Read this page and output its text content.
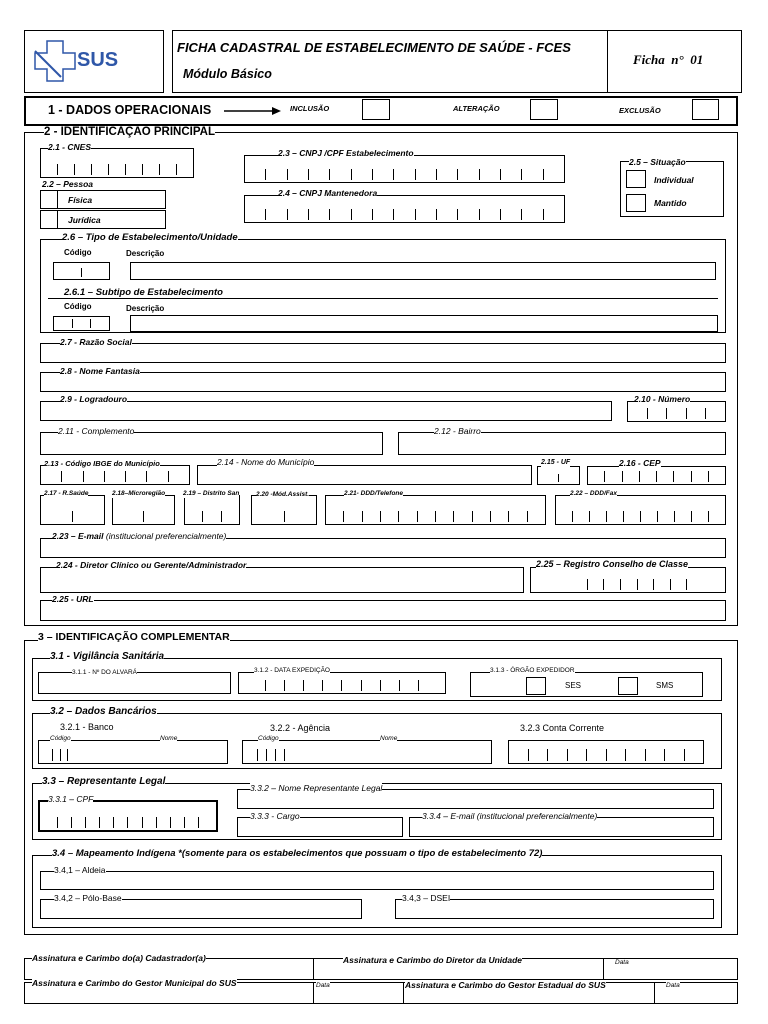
SUS
FICHA CADASTRAL DE ESTABELECIMENTO DE SAÚDE - FCES
Módulo Básico
Ficha  n°  01
1 - DADOS OPERACIONAIS	INCLUSÃO	ALTERAÇÃO	EXCLUSÃO
2 - IDENTIFICAÇÃO PRINCIPAL
2.1 - CNES
2.2 – Pessoa
Física
Jurídica
2.3 – CNPJ /CPF Estabelecimento
2.4 – CNPJ Mantenedora
2.5 – Situação
Individual
Mantido
2.6 – Tipo de Estabelecimento/Unidade
Código	Descrição
2.6.1 – Subtipo de Estabelecimento
Código	Descrição
2.7 - Razão Social
2.8 - Nome Fantasia
2.9 - Logradouro	2.10 - Número
2.11 - Complemento	2.12 - Bairro
2.13 - Código IBGE do Município	2.14 - Nome do Município	2.15 - UF	2.16 - CEP
2.17 - R.Saúde	2.18–Microregião	2.19 – Distrito San	2.20 -Mód.Assist.	2.21- DDD/Telefone	2.22 – DDD/Fax
2.23 – E-mail (institucional preferencialmente)
2.24 - Diretor Clínico ou Gerente/Administrador	2.25 – Registro Conselho de Classe
2.25 - URL
3 – IDENTIFICAÇÃO COMPLEMENTAR
3.1 - Vigilância Sanitária
3.1.1 - Nº DO ALVARÁ	3.1.2 - DATA EXPEDIÇÃO	3.1.3 - ÓRGÃO EXPEDIDOR
SES	SMS
3.2 – Dados Bancários
3.2.1 - Banco	3.2.2 - Agência	3.2.3 Conta Corrente
Código	Nome	Código	Nome
3.3 – Representante Legal
3.3.1 – CPF
3.3.2 – Nome Representante Legal
3.3.3 - Cargo	3.3.4 – E-mail (institucional preferencialmente)
3.4 – Mapeamento Indígena *(somente para os estabelecimentos que possuam o tipo de estabelecimento 72)
3.4,1 – Aldeia
3.4,2 – Pólo-Base	3.4,3 – DSEI
Assinatura e Carimbo do(a) Cadastrador(a)	Assinatura e Carimbo do Diretor da Unidade	Data
Assinatura e Carimbo do Gestor Municipal do SUS	Data	Assinatura e Carimbo do Gestor Estadual do SUS	Data
